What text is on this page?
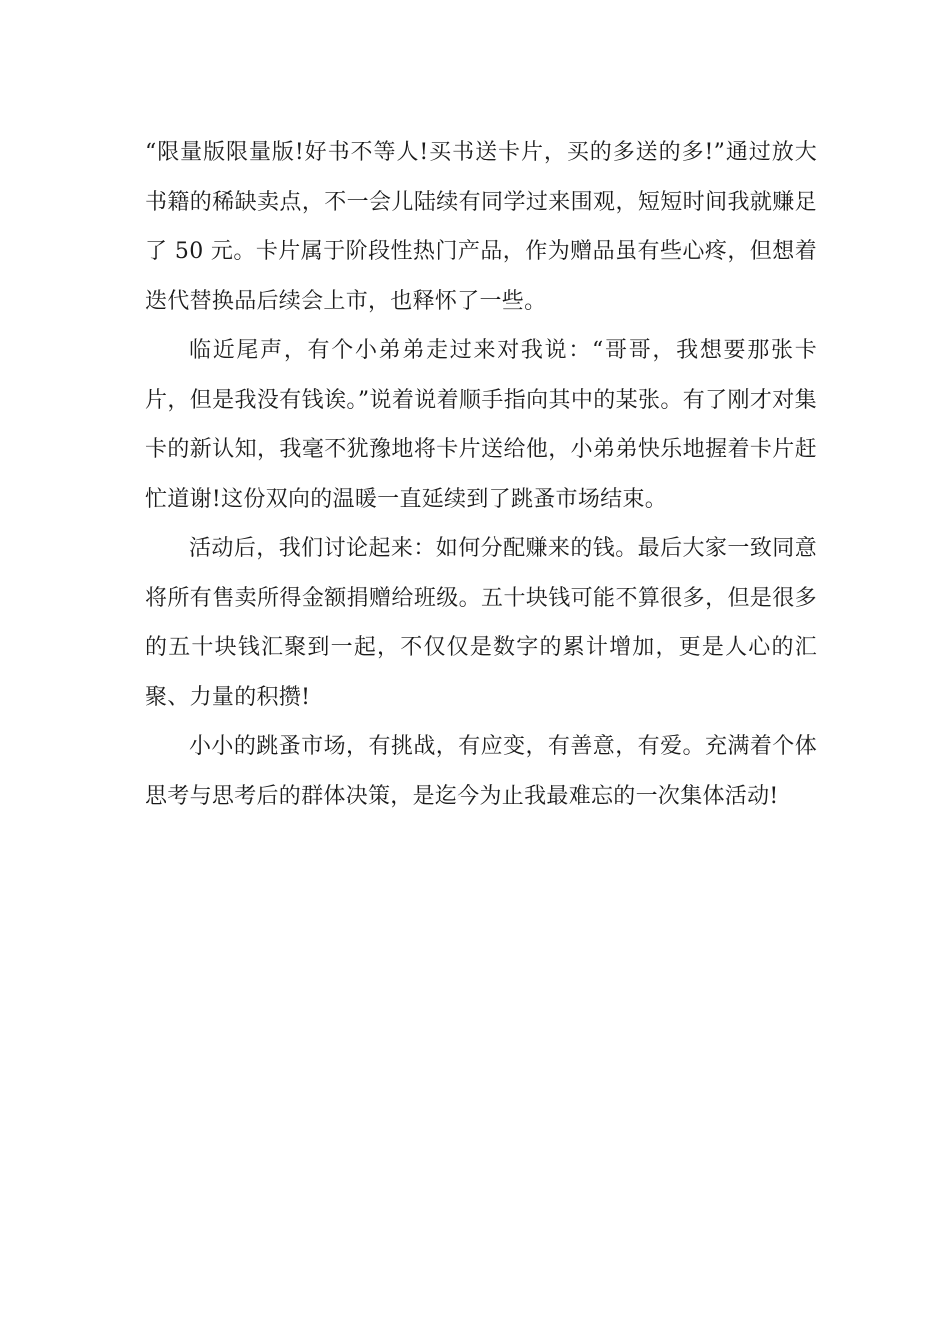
“限量版限量版!好书不等人!买书送卡片，买的多送的多!”通过放大书籍的稀缺卖点，不一会儿陆续有同学过来围观，短短时间我就赚足了 50 元。卡片属于阶段性热门产品，作为赠品虽有些心疼，但想着迭代替换品后续会上市，也释怀了一些。

临近尾声，有个小弟弟走过来对我说：“哥哥，我想要那张卡片，但是我没有钱诶。”说着说着顺手指向其中的某张。有了刚才对集卡的新认知，我毫不犹豫地将卡片送给他，小弟弟快乐地握着卡片赶忙道谢!这份双向的温暖一直延续到了跳蚤市场结束。

活动后，我们讨论起来：如何分配赚来的钱。最后大家一致同意将所有售卖所得金额捐赠给班级。五十块钱可能不算很多，但是很多的五十块钱汇聚到一起，不仅仅是数字的累计增加，更是人心的汇聚、力量的积攒!

小小的跳蚤市场，有挑战，有应变，有善意，有爱。充满着个体思考与思考后的群体决策，是迄今为止我最难忘的一次集体活动!
